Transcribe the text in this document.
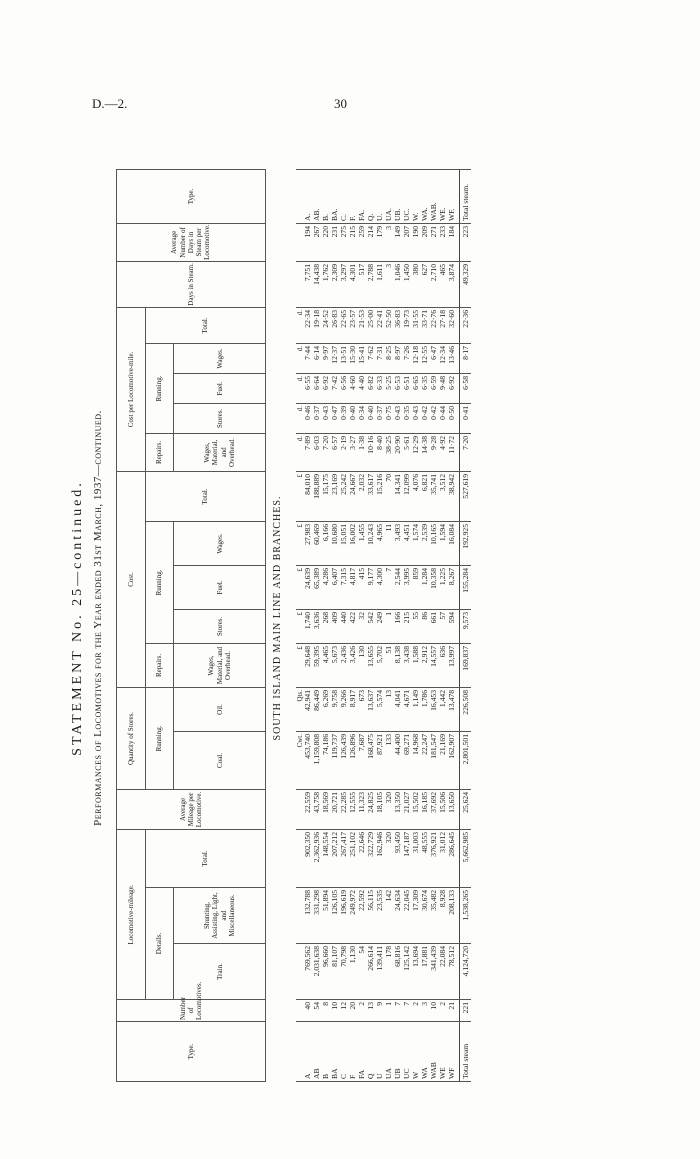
D.—2.	30
STATEMENT No. 25—continued. Performances of Locomotives for the Year ended 31st March, 1937—continued.	SOUTH ISLAND MAIN LINE AND BRANCHES.
Type.	Number of Locomotives.	Locomotive-mileage.			Average Mileage per Locomotive.	Quantity of Stores.		Cost.					Cost per Locomotive-mile.					Days in Steam.	Average Number of Days in Steam per Locomotive.	Type.
		Details.		Total.		Running.		Repairs.	Running.			Total.	Repairs.	Running.			Total.			
		Train.	Shunting, Assisting, Light, and Miscellaneous.			Coal.	Oil.	Wages, Material, and Overhead.	Stores.	Fuel.	Wages.		Wages, Material, and Overhead.	Stores.	Fuel.	Wages.				

						Cwt.	Qts.	£	£	£	£	£	d.	d.	d.	d.	d.			
A	40	769,562	132,788	902,350	22,559	453,740	42,941	29,648	1,740	24,639	27,983	84,010	7·89	0·46	6·55	7·44	22·34	7,751	194	A.
AB	54	2,031,638	331,298	2,362,936	43,758	1,159,808	86,449	59,395	3,636	65,389	60,469	188,889	6·03	0·37	6·64	6·14	19·18	14,438	267	AB.
B	8	96,660	51,894	148,554	18,569	74,186	6,269	4,465	268	4,286	6,166	15,175	7·20	0·43	6·92	9·97	24·52	1,762	220	B.
BA	10	81,107	126,105	207,212	20,721	119,737	9,758	5,673	409	6,407	10,680	23,169	6·57	0·47	7·42	12·37	26·83	2,309	231	BA.
C	12	70,798	196,619	267,417	22,285	126,439	9,266	2,436	440	7,315	15,051	25,242	2·19	0·39	6·56	13·51	22·65	3,297	275	C.
F	20	1,130	249,972	251,102	12,555	126,896	8,917	3,426	422	4,817	16,002	24,667	3·27	0·40	4·60	15·30	23·57	4,301	215	F.
FA	2	54	22,592	22,646	11,323	7,687	673	130	32	415	1,455	2,032	1·38	0·34	4·40	15·41	21·53	517	259	FA.
Q	13	266,614	56,115	322,729	24,825	168,475	13,637	13,655	542	9,177	10,243	33,617	10·16	0·40	6·82	7·62	25·00	2,788	214	Q.
U	9	139,411	23,535	162,946	18,105	87,921	5,574	5,702	249	4,300	4,965	15,216	8·40	0·37	6·33	7·31	22·41	1,611	179	U.
UA	1	178	142	320	320	133	13	51	1	7	11	70	38·25	0·75	5·25	8·25	52·50	3	3	UA.
UB	7	68,816	24,634	93,450	13,350	44,400	4,041	8,138	166	2,544	3,493	14,341	20·90	0·43	6·53	8·97	36·83	1,046	149	UB.
UC	7	125,142	22,045	147,187	21,027	69,271	4,671	3,438	215	3,995	4,451	12,099	5·61	0·35	6·51	7·26	19·73	1,450	207	UC.
W	2	13,694	17,309	31,003	15,502	14,968	1,149	1,588	55	859	1,574	4,076	12·29	0·43	6·65	12·18	31·55	380	190	W.
WA	3	17,881	30,674	48,555	16,185	22,247	1,786	2,912	86	1,284	2,539	6,821	14·38	0·42	6·35	12·55	33·71	627	209	WA.
WAB	10	341,439	35,482	376,921	37,692	181,547	16,453	14,557	661	10,358	10,165	35,741	9·28	0·42	6·59	6·47	22·76	2,710	271	WAB.
WE	2	22,084	8,928	31,012	15,506	21,169	1,442	636	57	1,225	1,594	3,512	4·92	0·44	9·48	12·34	27·18	465	233	WE.
WF	21	78,512	208,133	286,645	13,650	162,907	13,478	13,997	594	8,267	16,084	38,942	11·72	0·50	6·92	13·46	32·60	3,874	184	WF.
Total steam	221	4,124,720	1,538,265	5,662,985	25,624	2,801,501	226,508	169,837	9,573	155,284	192,925	527,619	7·20	0·41	6·58	8·17	22·36	49,329	223	Total steam.
